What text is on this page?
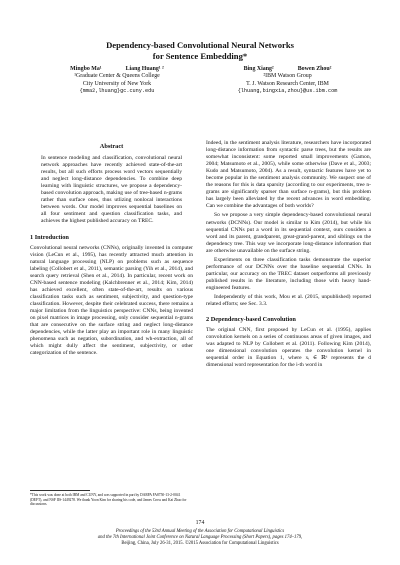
Dependency-based Convolutional Neural Networks
for Sentence Embedding*
Mingbo Ma¹	Liang Huang¹ ²
¹Graduate Center & Queens College
City University of New York
{mma2,lhuang}gc.cuny.edu
Bing Xiang²	Bowen Zhou²
²IBM Watson Group
T. J. Watson Research Center, IBM
{lhuang,bingxia,zhou}@us.ibm.com
Abstract

In sentence modeling and classification, convolutional neural network approaches have recently achieved state-of-the-art results, but all such efforts process word vectors sequentially and neglect long-distance dependencies. To combine deep learning with linguistic structures, we propose a dependency-based convolution approach, making use of tree-based n-grams rather than surface ones, thus utlizing nonlocal interactions between words. Our model improves sequential baselines on all four sentiment and question classification tasks, and achieves the highest published accuracy on TREC.

1 Introduction

Convolutional neural networks (CNNs), originally invented in computer vision (LeCun et al., 1995), has recently attracted much attention in natural language processing (NLP) on problems such as sequence labeling (Collobert et al., 2011), semantic parsing (Yih et al., 2014), and search query retrieval (Shen et al., 2014). In particular, recent work on CNN-based sentence modeling (Kalchbrenner et al., 2014; Kim, 2014) has achieved excellent, often state-of-the-art, results on various classification tasks such as sentiment, subjectivity, and question-type classification. However, despite their celebrated success, there remains a major limitation from the linguistics perspective: CNNs, being invented on pixel matrices in image processing, only consider sequential n-grams that are consecutive on the surface string and neglect long-distance dependencies, while the latter play an important role in many linguistic phenomena such as negation, subordination, and wh-extraction, all of which might dully affect the sentiment, subjectivity, or other categorization of the sentence.

Indeed, in the sentiment analysis literature, researchers have incorporated long-distance information from syntactic parse trees, but the results are somewhat inconsistent: some reported small improvements (Gamon, 2004; Matsumoto et al., 2005), while some otherwise (Dave et al., 2003; Kudo and Matsumoto, 2004). As a result, syntactic features have yet to become popular in the sentiment analysis community. We suspect one of the reasons for this is data sparsity (according to our experiments, tree n-grams are significantly sparser than surface n-grams), but this problem has largely been alleviated by the recent advances in word embedding. Can we combine the advantages of both worlds?

So we propose a very simple dependency-based convolutional neural networks (DCNNs). Our model is similar to Kim (2014), but while his sequential CNNs put a word in its sequential context, ours considers a word and its parent, grandparent, great-grand-parent, and siblings on the dependency tree. This way we incorporate long-distance information that are otherwise unavailable on the surface string.

Experiments on three classification tasks demonstrate the superior performance of our DCNNs over the baseline sequential CNNs. In particular, our accuracy on the TREC dataset outperforms all previously published results in the literature, including those with heavy hand-engineered features.

Independently of this work, Mou et al. (2015, unpublished) reported related efforts; see Sec. 3.3.

2 Dependency-based Convolution

The original CNN, first proposed by LeCun et al. (1995), applies convolution kernels on a series of continuous areas of given images, and was adapted to NLP by Collobert et al. (2011). Following Kim (2014), one dimensional convolution operates the convolution kernel in sequential order in Equation 1, where xᵢ ∈ ℝᵈ represents the d dimensional word representation for the i-th word in

*This work was done at both IBM and CUNY, and was supported in part by DARPA FA8750-13-2-0041 (DEFT), and NSF IIS-1449278. We thank Yoon Kim for sharing his code, and James Cross and Kai Zhao for discussions.
174
Proceedings of the 53rd Annual Meeting of the Association for Computational Linguistics
and the 7th International Joint Conference on Natural Language Processing (Short Papers), pages 174–179,
Beijing, China, July 26-31, 2015. ©2015 Association for Computational Linguistics
